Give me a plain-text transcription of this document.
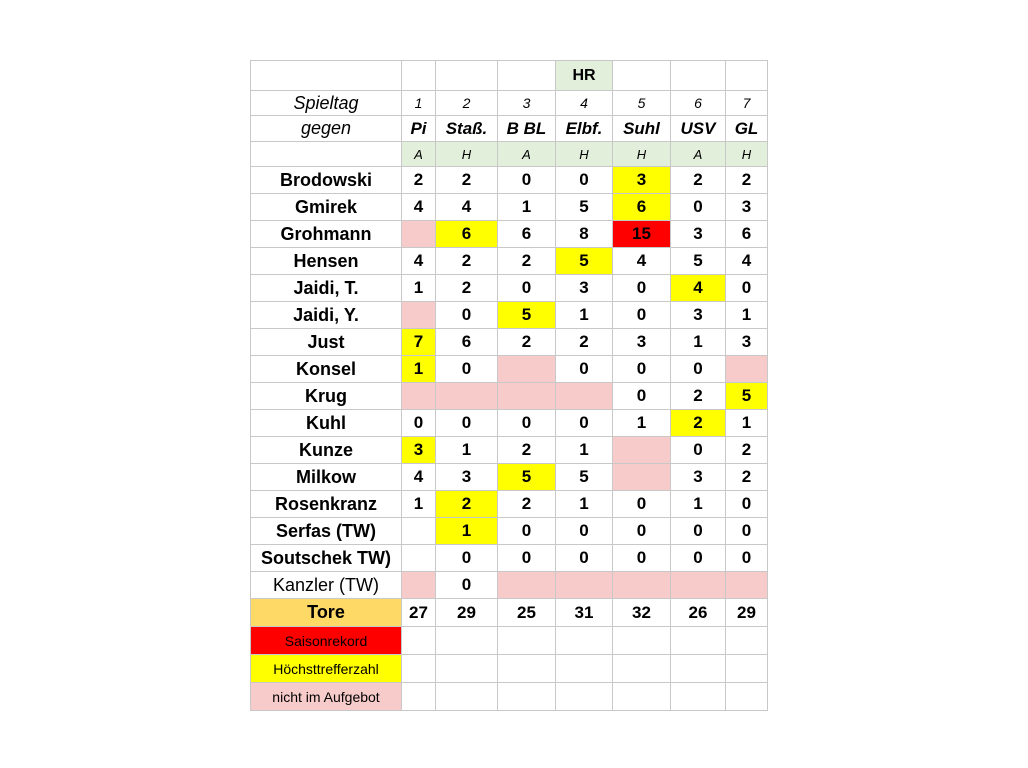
				HR			
Spieltag	1	2	3	4	5	6	7
gegen	Pi	Staß.	B BL	Elbf.	Suhl	USV	GL
	A	H	A	H	H	A	H
Brodowski	2	2	0	0	3	2	2
Gmirek	4	4	1	5	6	0	3
Grohmann		6	6	8	15	3	6
Hensen	4	2	2	5	4	5	4
Jaidi, T.	1	2	0	3	0	4	0
Jaidi, Y.		0	5	1	0	3	1
Just	7	6	2	2	3	1	3
Konsel	1	0		0	0	0	
Krug					0	2	5
Kuhl	0	0	0	0	1	2	1
Kunze	3	1	2	1		0	2
Milkow	4	3	5	5		3	2
Rosenkranz	1	2	2	1	0	1	0
Serfas (TW)		1	0	0	0	0	0
Soutschek TW)		0	0	0	0	0	0
Kanzler (TW)		0					
Tore	27	29	25	31	32	26	29
Saisonrekord							
Höchsttrefferzahl							
nicht im Aufgebot							
